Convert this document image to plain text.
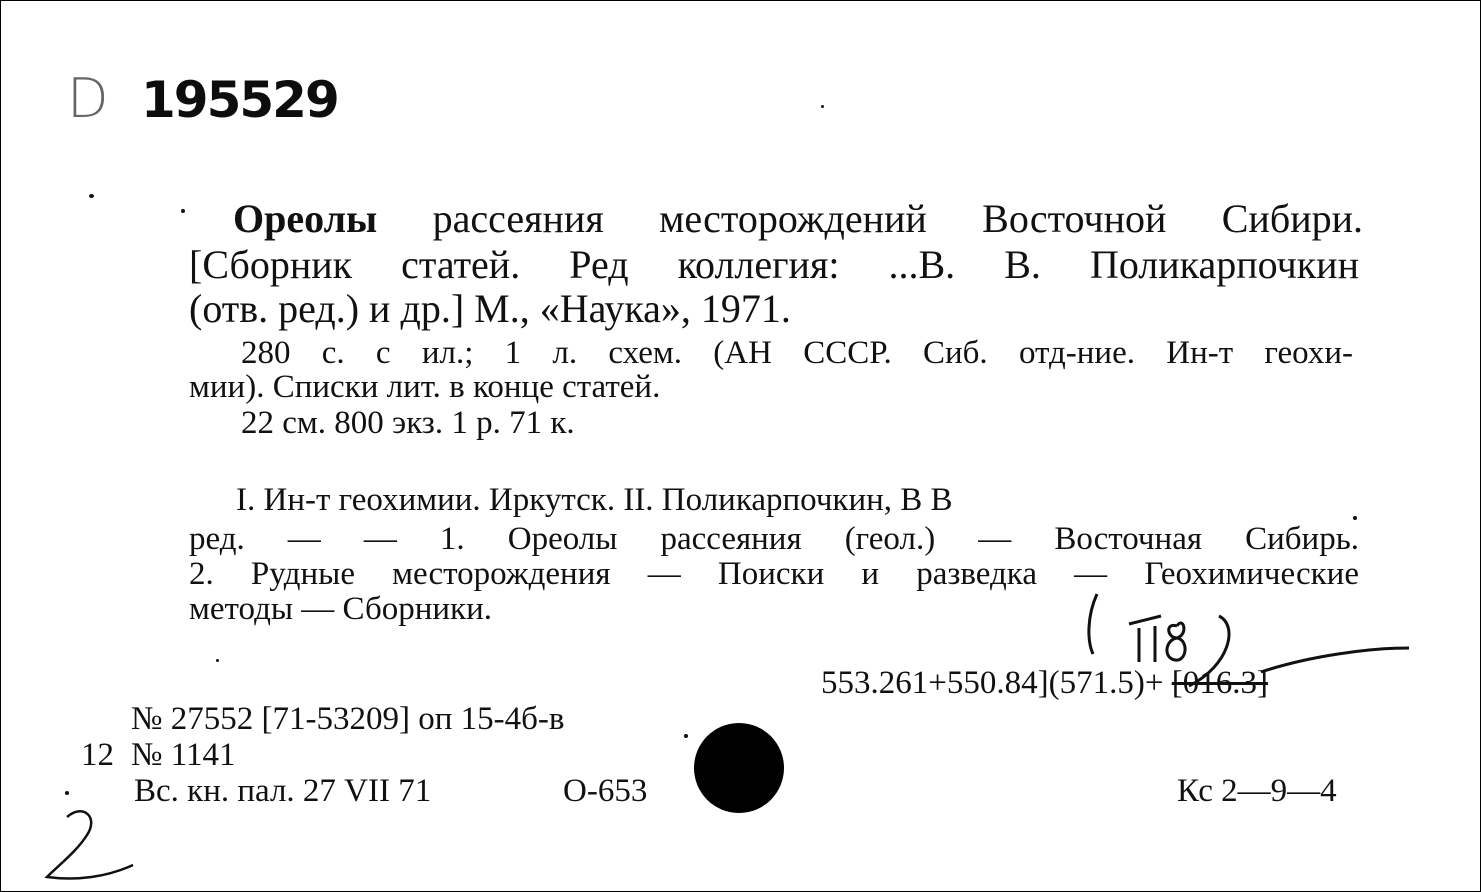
D 195529
Ореолы рассеяния месторождений Восточной Сибири.
[Сборник статей. Ред коллегия: ...В. В. Поликарпочкин
(отв. ред.) и др.] М., «Наука», 1971.
280 с. с ил.; 1 л. схем. (АН СССР. Сиб. отд-ние. Ин-т геохи-
мии). Списки лит. в конце статей.
22 см. 800 экз. 1 р. 71 к.
I. Ин-т геохимии. Иркутск. II. Поликарпочкин, В В
ред. — — 1. Ореолы рассеяния (геол.) — Восточная Сибирь.
2. Рудные месторождения — Поиски и разведка — Геохимические
методы — Сборники.
553.261+550.84](571.5)+ [016.3]
№ 27552 [71-53209] оп 15-4б-в
12 № 1141
Вс. кн. пал. 27 VII 71	О-653	Кс 2—9—4
